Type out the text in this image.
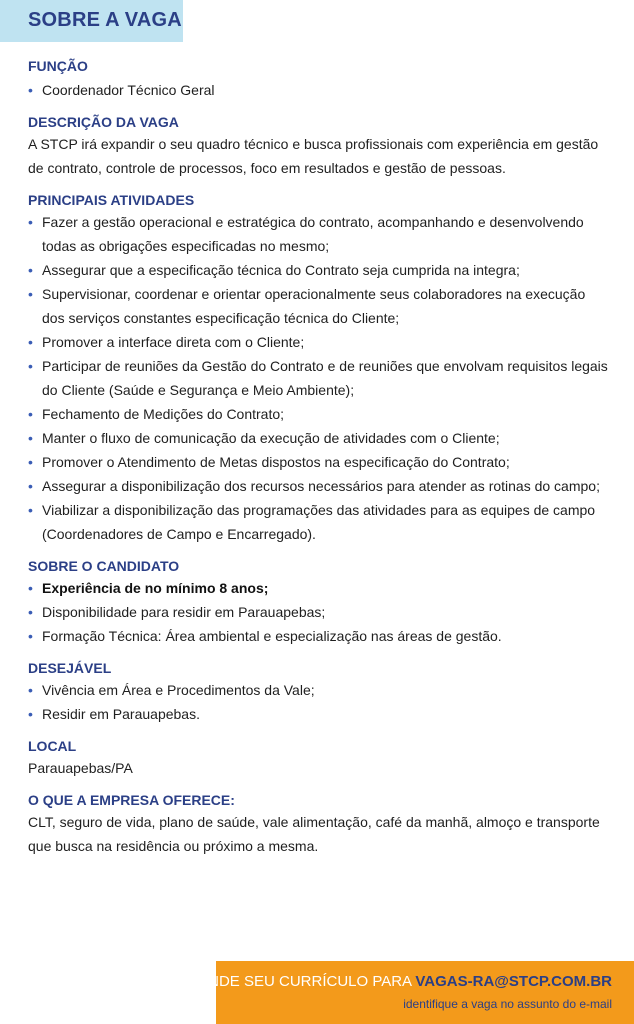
SOBRE A VAGA
FUNÇÃO
• Coordenador Técnico Geral
DESCRIÇÃO DA VAGA

A STCP irá expandir o seu quadro técnico e busca profissionais com experiência em gestão de contrato, controle de processos, foco em resultados e gestão de pessoas.

PRINCIPAIS ATIVIDADES
• Fazer a gestão operacional e estratégica do contrato, acompanhando e desenvolvendo todas as obrigações especificadas no mesmo;
• Assegurar que a especificação técnica do Contrato seja cumprida na integra;
• Supervisionar, coordenar e orientar operacionalmente seus colaboradores na execução dos serviços constantes especificação técnica do Cliente;
• Promover a interface direta com o Cliente;
• Participar de reuniões da Gestão do Contrato e de reuniões que envolvam requisitos legais do Cliente (Saúde e Segurança e Meio Ambiente);
• Fechamento de Medições do Contrato;
• Manter o fluxo de comunicação da execução de atividades com o Cliente;
• Promover o Atendimento de Metas dispostos na especificação do Contrato;
• Assegurar a disponibilização dos recursos necessários para atender as rotinas do campo;
• Viabilizar a disponibilização das programações das atividades para as equipes de campo (Coordenadores de Campo e Encarregado).
SOBRE O CANDIDATO
• Experiência de no mínimo 8 anos;
• Disponibilidade para residir em Parauapebas;
• Formação Técnica: Área ambiental e especialização nas áreas de gestão.
DESEJÁVEL
• Vivência em Área e Procedimentos da Vale;
• Residir em Parauapebas.
LOCAL

Parauapebas/PA

O QUE A EMPRESA OFERECE:

CLT, seguro de vida, plano de saúde, vale alimentação, café da manhã, almoço e transporte que busca na residência ou próximo a mesma.

MANDE SEU CURRÍCULO PARA VAGAS-RA@STCP.COM.BR
identifique a vaga no assunto do e-mail
